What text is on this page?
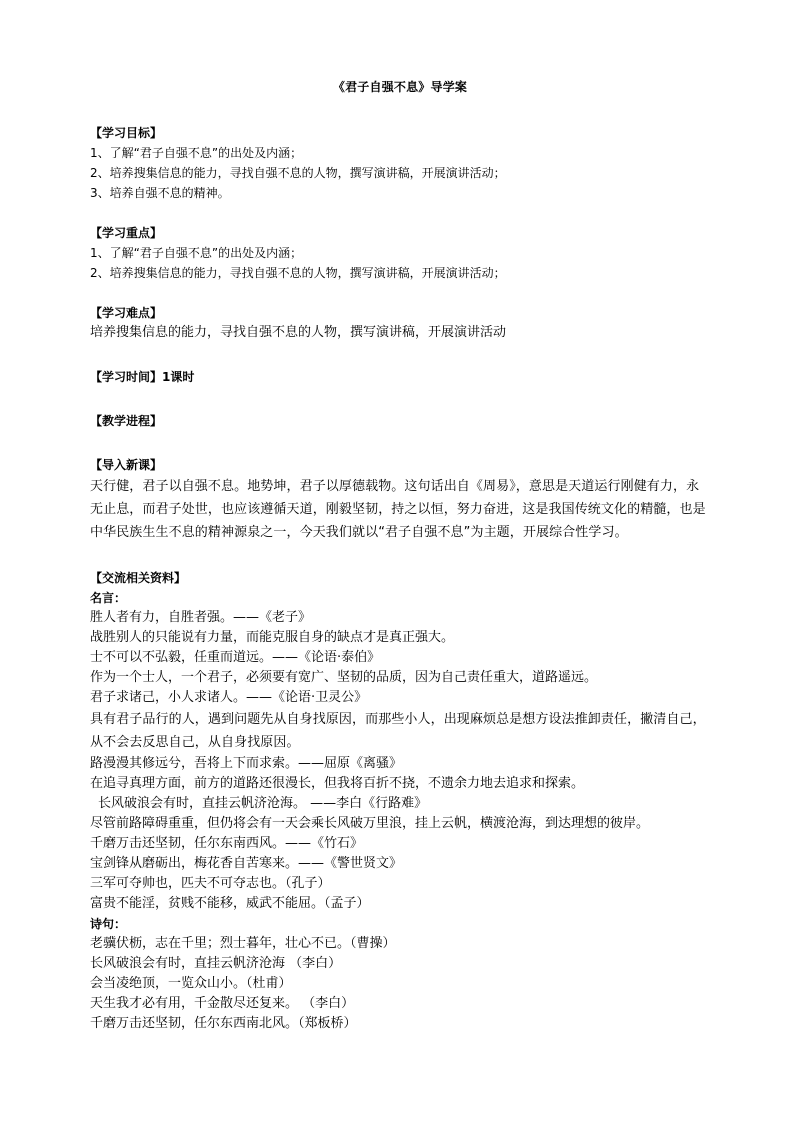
《君子自强不息》导学案

【学习目标】

1、了解“君子自强不息”的出处及内涵；

2、培养搜集信息的能力，寻找自强不息的人物，撰写演讲稿，开展演讲活动；

3、培养自强不息的精神。

【学习重点】

1、了解“君子自强不息”的出处及内涵；

2、培养搜集信息的能力，寻找自强不息的人物，撰写演讲稿，开展演讲活动；

【学习难点】

培养搜集信息的能力，寻找自强不息的人物，撰写演讲稿，开展演讲活动

【学习时间】1课时

【教学进程】

【导入新课】

天行健，君子以自强不息。地势坤，君子以厚德载物。这句话出自《周易》，意思是天道运行刚健有力，永无止息，而君子处世，也应该遵循天道，刚毅坚韧，持之以恒，努力奋进，这是我国传统文化的精髓，也是中华民族生生不息的精神源泉之一，今天我们就以“君子自强不息”为主题，开展综合性学习。

【交流相关资料】

名言：

胜人者有力，自胜者强。——《老子》

战胜别人的只能说有力量，而能克服自身的缺点才是真正强大。

士不可以不弘毅，任重而道远。——《论语·泰伯》

作为一个士人，一个君子，必须要有宽广、坚韧的品质，因为自己责任重大，道路遥远。

君子求诸己，小人求诸人。——《论语·卫灵公》

具有君子品行的人，遇到问题先从自身找原因，而那些小人，出现麻烦总是想方设法推卸责任，撇清自己，从不会去反思自己，从自身找原因。

路漫漫其修远兮，吾将上下而求索。——屈原《离骚》

在追寻真理方面，前方的道路还很漫长，但我将百折不挠，不遗余力地去追求和探索。

长风破浪会有时，直挂云帆济沧海。 ——李白《行路难》

尽管前路障碍重重，但仍将会有一天会乘长风破万里浪，挂上云帆，横渡沧海，到达理想的彼岸。

千磨万击还坚韧，任尔东南西风。——《竹石》

宝剑锋从磨砺出，梅花香自苦寒来。——《警世贤文》

三军可夺帅也，匹夫不可夺志也。（孔子）

富贵不能淫，贫贱不能移，威武不能屈。（孟子）

诗句：

老骥伏枥，志在千里；烈士暮年，壮心不已。（曹操）

长风破浪会有时，直挂云帆济沧海 （李白）

会当凌绝顶，一览众山小。（杜甫）

天生我才必有用，千金散尽还复来。 （李白）

千磨万击还坚韧，任尔东西南北风。（郑板桥）
